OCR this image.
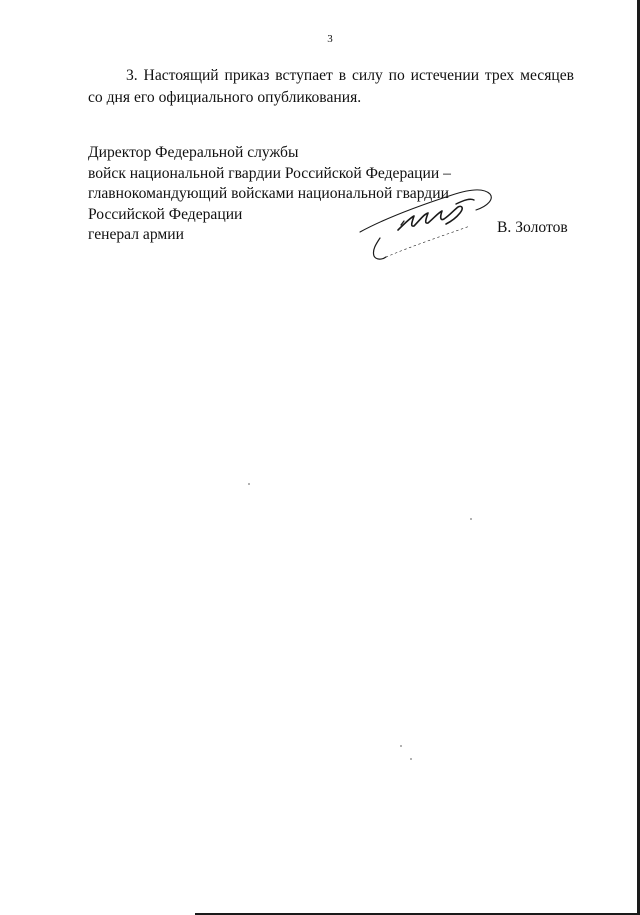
3
3. Настоящий приказ вступает в силу по истечении трех месяцев
со дня его официального опубликования.
Директор Федеральной службы
войск национальной гвардии Российской Федерации –
главнокомандующий войсками национальной гвардии
Российской Федерации
генерал армии	В. Золотов
